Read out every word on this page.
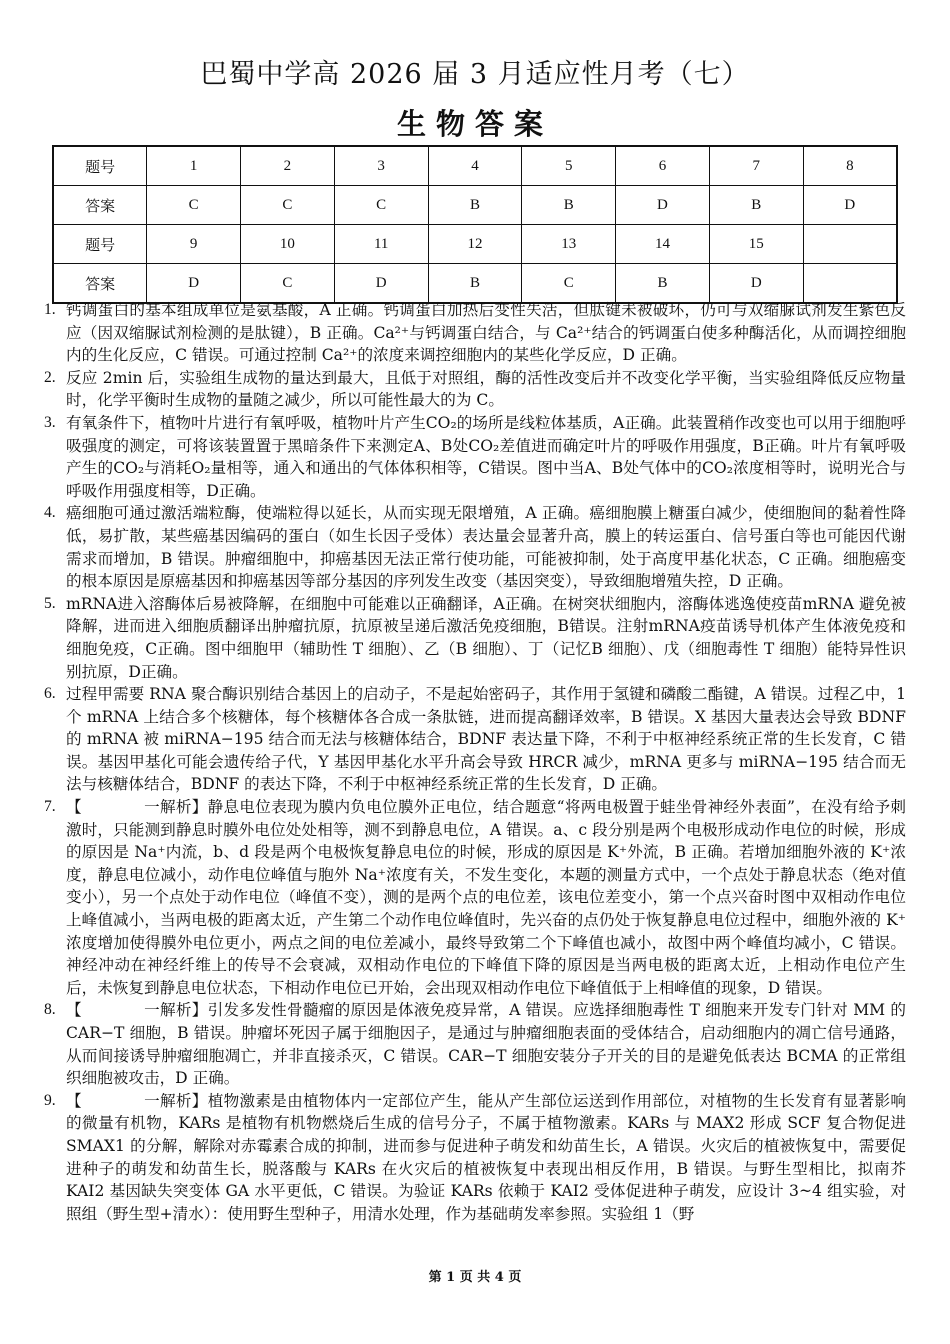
巴蜀中学高 2026 届 3 月适应性月考（七）
生物答案
题号	1	2	3	4	5	6	7	8
答案	C	C	C	B	B	D	B	D
题号	9	10	11	12	13	14	15	
答案	D	C	D	B	C	B	D	
1. 钙调蛋白的基本组成单位是氨基酸，A 正确。钙调蛋白加热后变性失活，但肽键未被破坏，仍可与双缩脲试剂发生紫色反应（因双缩脲试剂检测的是肽键），B 正确。Ca²⁺与钙调蛋白结合，与 Ca²⁺结合的钙调蛋白使多种酶活化，从而调控细胞内的生化反应，C 错误。可通过控制 Ca²⁺的浓度来调控细胞内的某些化学反应，D 正确。
2. 反应 2min 后，实验组生成物的量达到最大，且低于对照组，酶的活性改变后并不改变化学平衡，当实验组降低反应物量时，化学平衡时生成物的量随之减少，所以可能性最大的为 C。
3. 有氧条件下，植物叶片进行有氧呼吸，植物叶片产生CO₂的场所是线粒体基质，A正确。此装置稍作改变也可以用于细胞呼吸强度的测定，可将该装置置于黑暗条件下来测定A、B处CO₂差值进而确定叶片的呼吸作用强度，B正确。叶片有氧呼吸产生的CO₂与消耗O₂量相等，通入和通出的气体体积相等，C错误。图中当A、B处气体中的CO₂浓度相等时，说明光合与呼吸作用强度相等，D正确。
4. 癌细胞可通过激活端粒酶，使端粒得以延长，从而实现无限增殖，A 正确。癌细胞膜上糖蛋白减少，使细胞间的黏着性降低，易扩散，某些癌基因编码的蛋白（如生长因子受体）表达量会显著升高，膜上的转运蛋白、信号蛋白等也可能因代谢需求而增加，B 错误。肿瘤细胞中，抑癌基因无法正常行使功能，可能被抑制，处于高度甲基化状态，C 正确。细胞癌变的根本原因是原癌基因和抑癌基因等部分基因的序列发生改变（基因突变），导致细胞增殖失控，D 正确。
5. mRNA进入溶酶体后易被降解，在细胞中可能难以正确翻译，A正确。在树突状细胞内，溶酶体逃逸使疫苗mRNA 避免被降解，进而进入细胞质翻译出肿瘤抗原，抗原被呈递后激活免疫细胞，B错误。注射mRNA疫苗诱导机体产生体液免疫和细胞免疫，C正确。图中细胞甲（辅助性 T 细胞）、乙（B 细胞）、丁（记忆B 细胞）、戊（细胞毒性 T 细胞）能特异性识别抗原，D正确。
6. 过程甲需要 RNA 聚合酶识别结合基因上的启动子，不是起始密码子，其作用于氢键和磷酸二酯键，A 错误。过程乙中，1 个 mRNA 上结合多个核糖体，每个核糖体各合成一条肽链，进而提高翻译效率，B 错误。X 基因大量表达会导致 BDNF 的 mRNA 被 miRNA−195 结合而无法与核糖体结合，BDNF 表达量下降，不利于中枢神经系统正常的生长发育，C 错误。基因甲基化可能会遗传给子代，Y 基因甲基化水平升高会导致 HRCR 减少，mRNA 更多与 miRNA−195 结合而无法与核糖体结合，BDNF 的表达下降，不利于中枢神经系统正常的生长发育，D 正确。
7. 【	一解析】静息电位表现为膜内负电位膜外正电位，结合题意“将两电极置于蛙坐骨神经外表面”，在没有给予刺激时，只能测到静息时膜外电位处处相等，测不到静息电位，A 错误。a、c 段分别是两个电极形成动作电位的时候，形成的原因是 Na⁺内流，b、d 段是两个电极恢复静息电位的时候，形成的原因是 K⁺外流，B 正确。若增加细胞外液的 K⁺浓度，静息电位减小，动作电位峰值与胞外 Na⁺浓度有关，不发生变化，本题的测量方式中，一个点处于静息状态（绝对值变小），另一个点处于动作电位（峰值不变），测的是两个点的电位差，该电位差变小，第一个点兴奋时图中双相动作电位上峰值减小，当两电极的距离太近，产生第二个动作电位峰值时，先兴奋的点仍处于恢复静息电位过程中，细胞外液的 K⁺浓度增加使得膜外电位更小，两点之间的电位差减小，最终导致第二个下峰值也减小，故图中两个峰值均减小，C 错误。神经冲动在神经纤维上的传导不会衰减，双相动作电位的下峰值下降的原因是当两电极的距离太近，上相动作电位产生后，未恢复到静息电位状态，下相动作电位已开始，会出现双相动作电位下峰值低于上相峰值的现象，D 错误。
8. 【	一解析】引发多发性骨髓瘤的原因是体液免疫异常，A 错误。应选择细胞毒性 T 细胞来开发专门针对 MM 的 CAR−T 细胞，B 错误。肿瘤坏死因子属于细胞因子，是通过与肿瘤细胞表面的受体结合，启动细胞内的凋亡信号通路，从而间接诱导肿瘤细胞凋亡，并非直接杀灭，C 错误。CAR−T 细胞安装分子开关的目的是避免低表达 BCMA 的正常组织细胞被攻击，D 正确。
9. 【	一解析】植物激素是由植物体内一定部位产生，能从产生部位运送到作用部位，对植物的生长发育有显著影响的微量有机物，KARs 是植物有机物燃烧后生成的信号分子，不属于植物激素。KARs 与 MAX2 形成 SCF 复合物促进 SMAX1 的分解，解除对赤霉素合成的抑制，进而参与促进种子萌发和幼苗生长，A 错误。火灾后的植被恢复中，需要促进种子的萌发和幼苗生长，脱落酸与 KARs 在火灾后的植被恢复中表现出相反作用，B 错误。与野生型相比，拟南芥 KAI2 基因缺失突变体 GA 水平更低，C 错误。为验证 KARs 依赖于 KAI2 受体促进种子萌发，应设计 3~4 组实验，对照组（野生型+清水）：使用野生型种子，用清水处理，作为基础萌发率参照。实验组 1（野
第 1 页 共 4 页
